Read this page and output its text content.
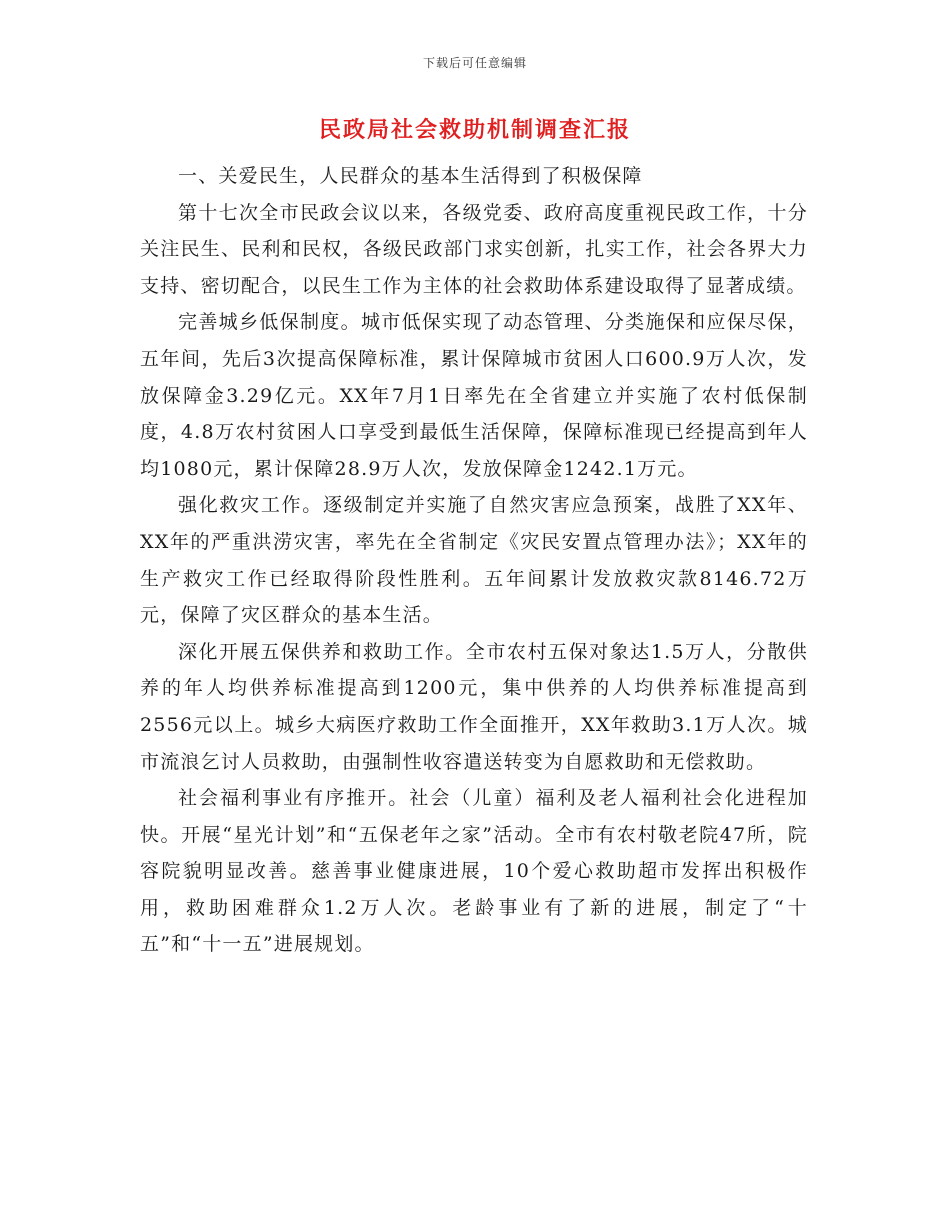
下载后可任意编辑
民政局社会救助机制调查汇报

一、关爱民生，人民群众的基本生活得到了积极保障

第十七次全市民政会议以来，各级党委、政府高度重视民政工作，十分关注民生、民利和民权，各级民政部门求实创新，扎实工作，社会各界大力支持、密切配合，以民生工作为主体的社会救助体系建设取得了显著成绩。

完善城乡低保制度。城市低保实现了动态管理、分类施保和应保尽保，五年间，先后3次提高保障标准，累计保障城市贫困人口600.9万人次，发放保障金3.29亿元。XX年7月1日率先在全省建立并实施了农村低保制度，4.8万农村贫困人口享受到最低生活保障，保障标准现已经提高到年人均1080元，累计保障28.9万人次，发放保障金1242.1万元。

强化救灾工作。逐级制定并实施了自然灾害应急预案，战胜了XX年、XX年的严重洪涝灾害，率先在全省制定《灾民安置点管理办法》；XX年的生产救灾工作已经取得阶段性胜利。五年间累计发放救灾款8146.72万元，保障了灾区群众的基本生活。

深化开展五保供养和救助工作。全市农村五保对象达1.5万人，分散供养的年人均供养标准提高到1200元，集中供养的人均供养标准提高到2556元以上。城乡大病医疗救助工作全面推开，XX年救助3.1万人次。城市流浪乞讨人员救助，由强制性收容遣送转变为自愿救助和无偿救助。

社会福利事业有序推开。社会（儿童）福利及老人福利社会化进程加快。开展“星光计划”和“五保老年之家”活动。全市有农村敬老院47所，院容院貌明显改善。慈善事业健康进展，10个爱心救助超市发挥出积极作用，救助困难群众1.2万人次。老龄事业有了新的进展，制定了“十五”和“十一五”进展规划。
